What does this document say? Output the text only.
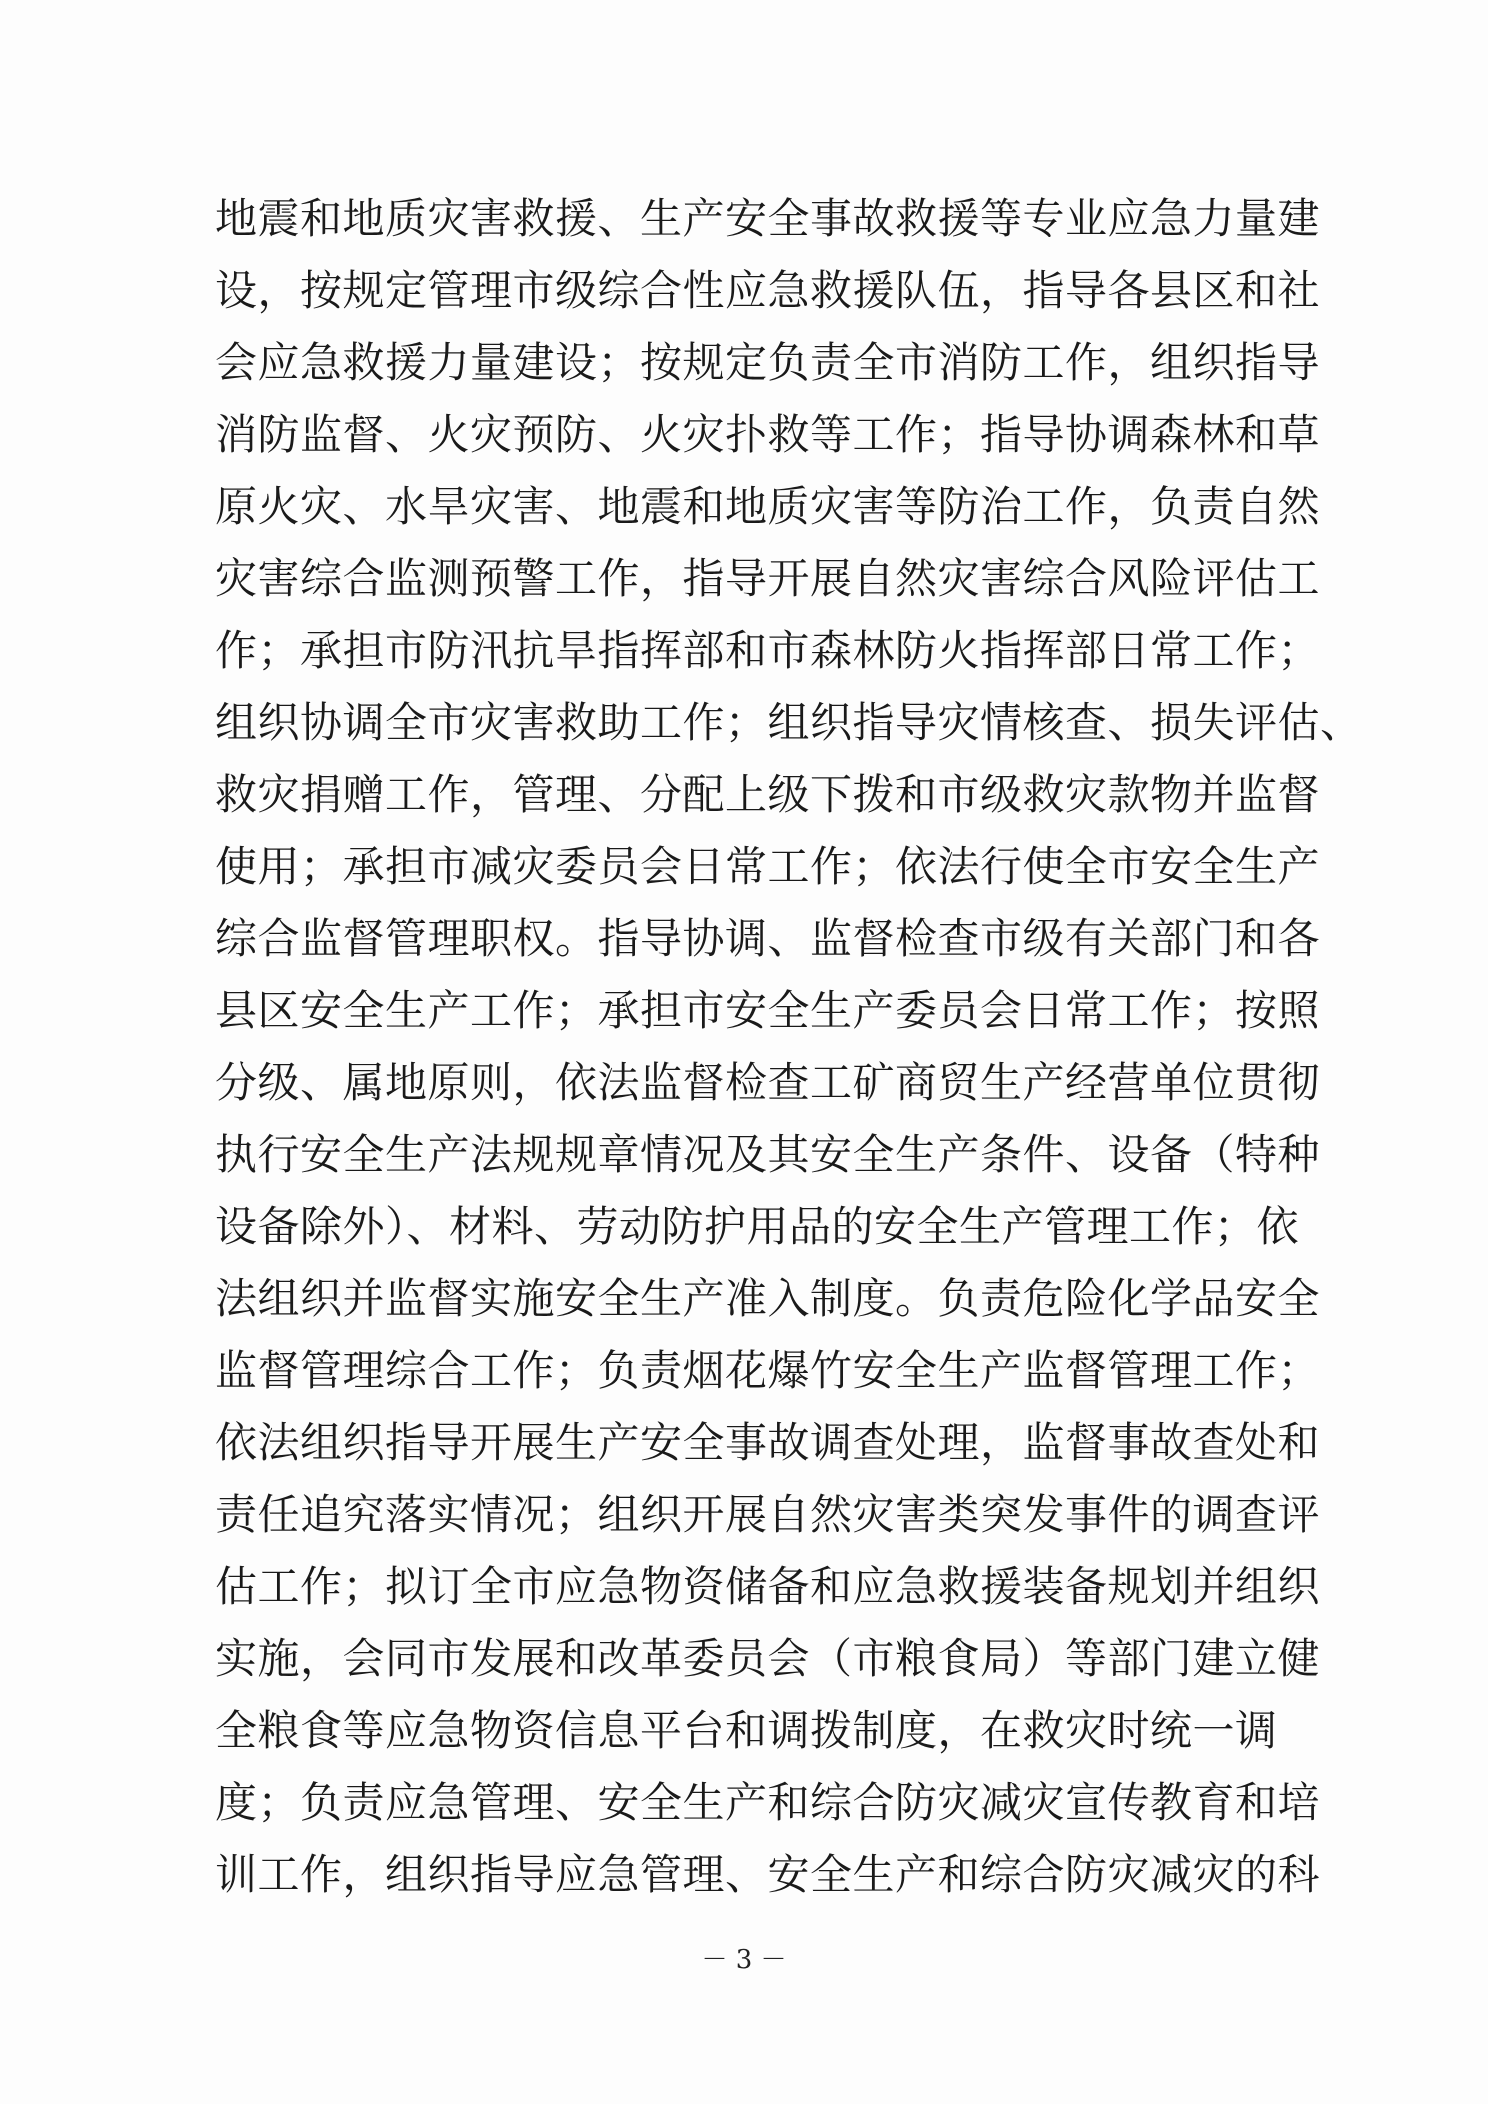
地震和地质灾害救援、生产安全事故救援等专业应急力量建
设，按规定管理市级综合性应急救援队伍，指导各县区和社
会应急救援力量建设；按规定负责全市消防工作，组织指导
消防监督、火灾预防、火灾扑救等工作；指导协调森林和草
原火灾、水旱灾害、地震和地质灾害等防治工作，负责自然
灾害综合监测预警工作，指导开展自然灾害综合风险评估工
作；承担市防汛抗旱指挥部和市森林防火指挥部日常工作；
组织协调全市灾害救助工作；组织指导灾情核查、损失评估、
救灾捐赠工作，管理、分配上级下拨和市级救灾款物并监督
使用；承担市减灾委员会日常工作；依法行使全市安全生产
综合监督管理职权。指导协调、监督检查市级有关部门和各
县区安全生产工作；承担市安全生产委员会日常工作；按照
分级、属地原则，依法监督检查工矿商贸生产经营单位贯彻
执行安全生产法规规章情况及其安全生产条件、设备（特种
设备除外）、材料、劳动防护用品的安全生产管理工作；依
法组织并监督实施安全生产准入制度。负责危险化学品安全
监督管理综合工作；负责烟花爆竹安全生产监督管理工作；
依法组织指导开展生产安全事故调查处理，监督事故查处和
责任追究落实情况；组织开展自然灾害类突发事件的调查评
估工作；拟订全市应急物资储备和应急救援装备规划并组织
实施，会同市发展和改革委员会（市粮食局）等部门建立健
全粮食等应急物资信息平台和调拨制度，在救灾时统一调
度；负责应急管理、安全生产和综合防灾减灾宣传教育和培
训工作，组织指导应急管理、安全生产和综合防灾减灾的科
－ 3 －
